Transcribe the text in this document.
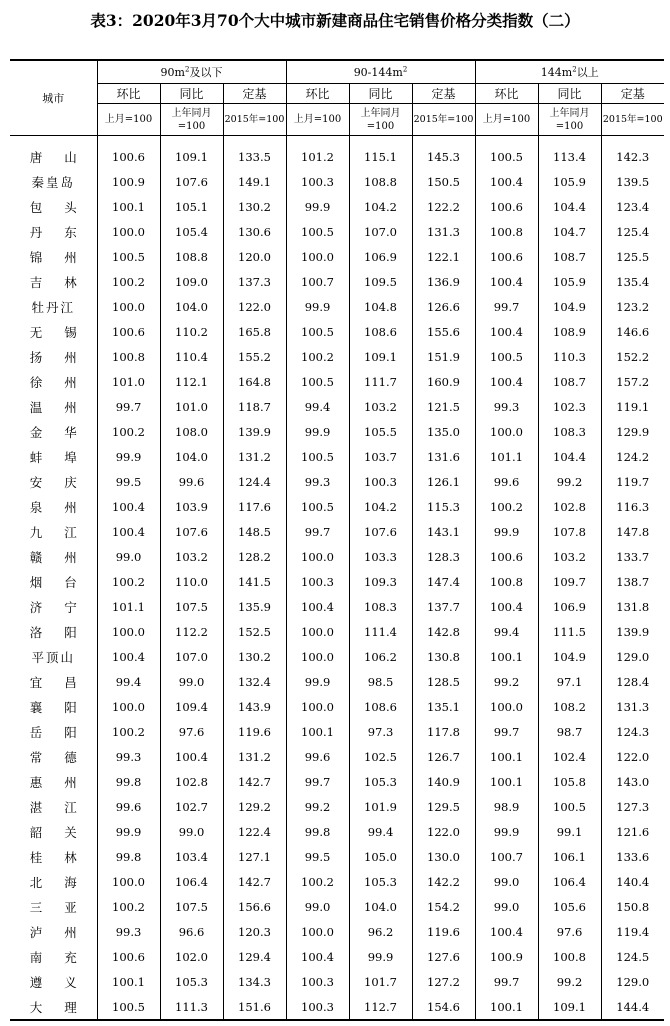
表3：2020年3月70个大中城市新建商品住宅销售价格分类指数（二）
城市	$90m^2$及以下			$90-144m^2$			$144m^2$以上		
	环比	同比	定基	环比	同比	定基	环比	同比	定基
	上月=100	上年同月=100	2015年=100	上月=100	上年同月=100	2015年=100	上月=100	上年同月=100	2015年=100
唐山	100.6	109.1	133.5	101.2	115.1	145.3	100.5	113.4	142.3
秦皇岛	100.9	107.6	149.1	100.3	108.8	150.5	100.4	105.9	139.5
包头	100.1	105.1	130.2	99.9	104.2	122.2	100.6	104.4	123.4
丹东	100.0	105.4	130.6	100.5	107.0	131.3	100.8	104.7	125.4
锦州	100.5	108.8	120.0	100.0	106.9	122.1	100.6	108.7	125.5
吉林	100.2	109.0	137.3	100.7	109.5	136.9	100.4	105.9	135.4
牡丹江	100.0	104.0	122.0	99.9	104.8	126.6	99.7	104.9	123.2
无锡	100.6	110.2	165.8	100.5	108.6	155.6	100.4	108.9	146.6
扬州	100.8	110.4	155.2	100.2	109.1	151.9	100.5	110.3	152.2
徐州	101.0	112.1	164.8	100.5	111.7	160.9	100.4	108.7	157.2
温州	99.7	101.0	118.7	99.4	103.2	121.5	99.3	102.3	119.1
金华	100.2	108.0	139.9	99.9	105.5	135.0	100.0	108.3	129.9
蚌埠	99.9	104.0	131.2	100.5	103.7	131.6	101.1	104.4	124.2
安庆	99.5	99.6	124.4	99.3	100.3	126.1	99.6	99.2	119.7
泉州	100.4	103.9	117.6	100.5	104.2	115.3	100.2	102.8	116.3
九江	100.4	107.6	148.5	99.7	107.6	143.1	99.9	107.8	147.8
赣州	99.0	103.2	128.2	100.0	103.3	128.3	100.6	103.2	133.7
烟台	100.2	110.0	141.5	100.3	109.3	147.4	100.8	109.7	138.7
济宁	101.1	107.5	135.9	100.4	108.3	137.7	100.4	106.9	131.8
洛阳	100.0	112.2	152.5	100.0	111.4	142.8	99.4	111.5	139.9
平顶山	100.4	107.0	130.2	100.0	106.2	130.8	100.1	104.9	129.0
宜昌	99.4	99.0	132.4	99.9	98.5	128.5	99.2	97.1	128.4
襄阳	100.0	109.4	143.9	100.0	108.6	135.1	100.0	108.2	131.3
岳阳	100.2	97.6	119.6	100.1	97.3	117.8	99.7	98.7	124.3
常德	99.3	100.4	131.2	99.6	102.5	126.7	100.1	102.4	122.0
惠州	99.8	102.8	142.7	99.7	105.3	140.9	100.1	105.8	143.0
湛江	99.6	102.7	129.2	99.2	101.9	129.5	98.9	100.5	127.3
韶关	99.9	99.0	122.4	99.8	99.4	122.0	99.9	99.1	121.6
桂林	99.8	103.4	127.1	99.5	105.0	130.0	100.7	106.1	133.6
北海	100.0	106.4	142.7	100.2	105.3	142.2	99.0	106.4	140.4
三亚	100.2	107.5	156.6	99.0	104.0	154.2	99.0	105.6	150.8
泸州	99.3	96.6	120.3	100.0	96.2	119.6	100.4	97.6	119.4
南充	100.6	102.0	129.4	100.4	99.9	127.6	100.9	100.8	124.5
遵义	100.1	105.3	134.3	100.3	101.7	127.2	99.7	99.2	129.0
大理	100.5	111.3	151.6	100.3	112.7	154.6	100.1	109.1	144.4
